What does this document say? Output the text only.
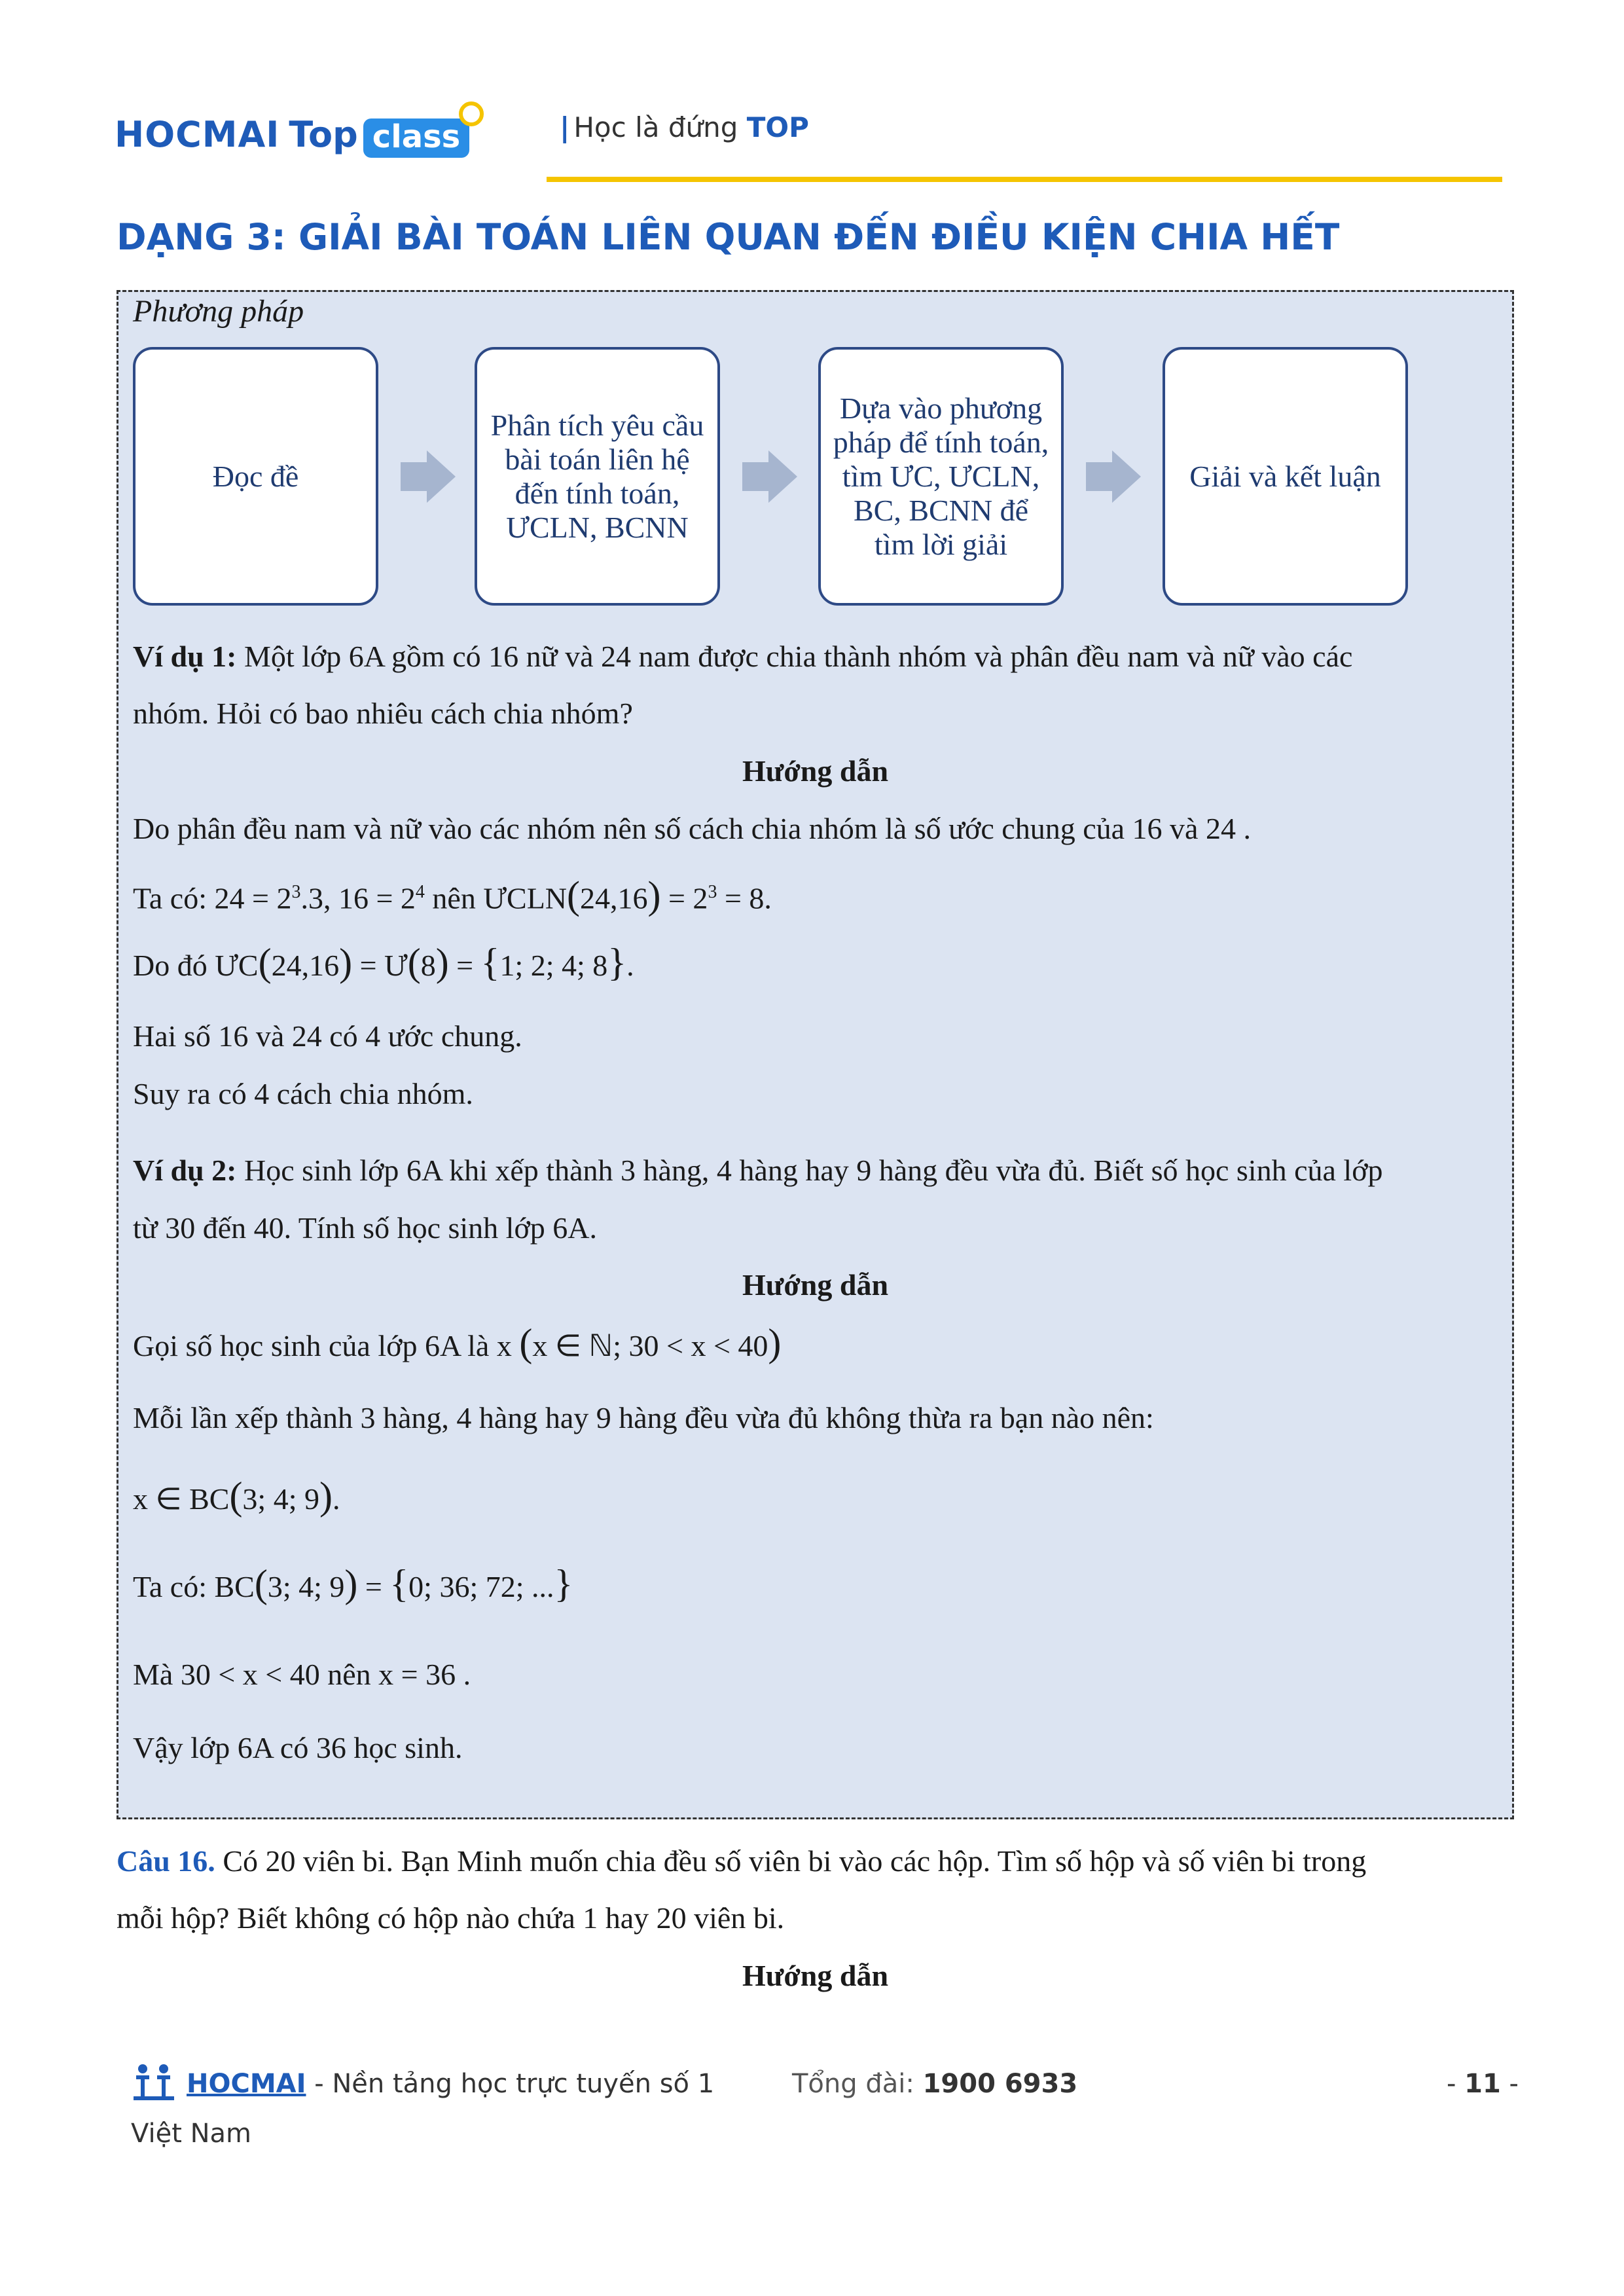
HOCMAI Top class	| Học là đứng TOP
DẠNG 3: GIẢI BÀI TOÁN LIÊN QUAN ĐẾN ĐIỀU KIỆN CHIA HẾT
Phương pháp
Đọc đề
Phân tích yêu cầu bài toán liên hệ đến tính toán, ƯCLN, BCNN
Dựa vào phương pháp để tính toán, tìm ƯC, ƯCLN, BC, BCNN để tìm lời giải
Giải và kết luận
Ví dụ 1: Một lớp 6A gồm có 16 nữ và 24 nam được chia thành nhóm và phân đều nam và nữ vào các
nhóm. Hỏi có bao nhiêu cách chia nhóm?
Hướng dẫn
Do phân đều nam và nữ vào các nhóm nên số cách chia nhóm là số ước chung của 16 và 24 .
Ta có: $24 = 2^3.3$, $16 = 2^4$ nên ƯCLN(24,16) = $2^3 = 8$.
Do đó ƯC(24,16) = Ư(8) = {1; 2; 4; 8}.
Hai số 16 và 24 có 4 ước chung.
Suy ra có 4 cách chia nhóm.
Ví dụ 2: Học sinh lớp 6A khi xếp thành 3 hàng, 4 hàng hay 9 hàng đều vừa đủ. Biết số học sinh của lớp
từ 30 đến 40. Tính số học sinh lớp 6A.
Hướng dẫn
Gọi số học sinh của lớp 6A là x (x ∈ ℕ; 30 < x < 40)
Mỗi lần xếp thành 3 hàng, 4 hàng hay 9 hàng đều vừa đủ không thừa ra bạn nào nên:
x ∈ BC(3; 4; 9).
Ta có: BC(3; 4; 9) = {0; 36; 72; ...}
Mà 30 < x < 40 nên x = 36 .
Vậy lớp 6A có 36 học sinh.
Câu 16. Có 20 viên bi. Bạn Minh muốn chia đều số viên bi vào các hộp. Tìm số hộp và số viên bi trong
mỗi hộp? Biết không có hộp nào chứa 1 hay 20 viên bi.
Hướng dẫn
HOCMAI - Nền tảng học trực tuyến số 1	Tổng đài: 1900 6933	- 11 -
Việt Nam
